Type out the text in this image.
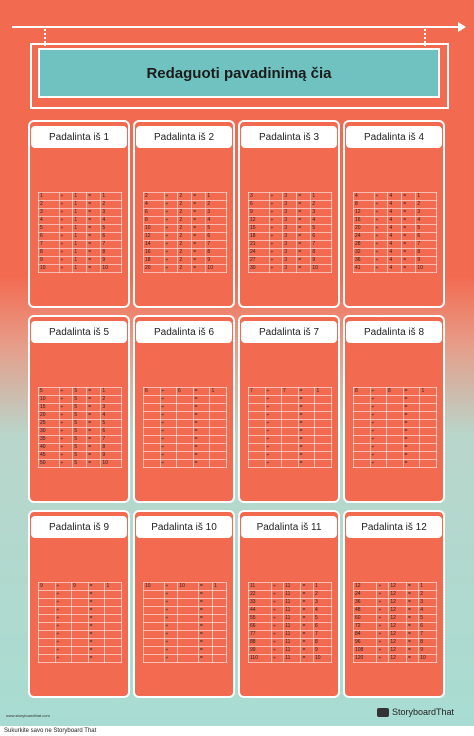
Redaguoti pavadinimą čia
Padalinta iš 1
1	÷	1	=	1
2	÷	1	=	2
3	÷	1	=	3
4	÷	1	=	4
5	÷	1	=	5
6	÷	1	=	6
7	÷	1	=	7
8	÷	1	=	8
9	÷	1	=	9
10	÷	1	=	10
Padalinta iš 2
2	÷	2	=	1
4	÷	2	=	2
6	÷	2	=	3
8	÷	2	=	4
10	÷	2	=	5
12	÷	2	=	6
14	÷	2	=	7
16	÷	2	=	8
18	÷	2	=	9
20	÷	2	=	10
Padalinta iš 3
3	÷	3	=	1
6	÷	3	=	2
9	÷	3	=	3
12	÷	3	=	4
15	÷	3	=	5
18	÷	3	=	6
21	÷	3	=	7
24	÷	3	=	8
27	÷	3	=	9
30	÷	3	=	10
Padalinta iš 4
4	÷	4	=	1
8	÷	4	=	2
12	÷	4	=	3
16	÷	4	=	4
20	÷	4	=	5
24	÷	4	=	6
28	÷	4	=	7
32	÷	4	=	8
36	÷	4	=	9
41	÷	4	=	10
Padalinta iš 5
5	÷	5	=	1
10	÷	5	=	2
15	÷	5	=	3
20	÷	5	=	4
25	÷	5	=	5
30	÷	5	=	6
35	÷	5	=	7
40	÷	5	=	8
45	÷	5	=	9
50	÷	5	=	10
Padalinta iš 6
6	÷	6	=	1
	÷		=	
	÷		=	
	÷		=	
	÷		=	
	÷		=	
	÷		=	
	÷		=	
	÷		=	
	÷		=	
Padalinta iš 7
7	÷	7	=	1
	÷		=	
	÷		=	
	÷		=	
	÷		=	
	÷		=	
	÷		=	
	÷		=	
	÷		=	
	÷		=	
Padalinta iš 8
8	÷	8	=	1
	÷		=	
	÷		=	
	÷		=	
	÷		=	
	÷		=	
	÷		=	
	÷		=	
	÷		=	
	÷		=	
Padalinta iš 9
9	÷	9	=	1
	÷		=	
	÷		=	
	÷		=	
	÷		=	
	÷		=	
	÷		=	
	÷		=	
	÷		=	
	÷		=	
Padalinta iš 10
10	÷	10	=	1
	÷		=	
	÷		=	
	÷		=	
	÷		=	
	÷		=	
	÷		=	
	÷		=	
	÷		=	
	÷		=	
Padalinta iš 11
11	÷	11	=	1
22	÷	11	=	2
33	÷	11	=	3
44	÷	11	=	4
55	÷	11	=	5
66	÷	11	=	6
77	÷	11	=	7
88	÷	11	=	8
99	÷	11	=	9
110	÷	11	=	10
Padalinta iš 12
12	÷	12	=	1
24	÷	12	=	2
36	÷	12	=	3
48	÷	12	=	4
60	÷	12	=	5
72	÷	12	=	6
84	÷	12	=	7
96	÷	12	=	8
108	÷	12	=	9
120	÷	12	=	10
www.storyboardthat.com	StoryboardThat
Sukurkite savo ne Storyboard That
